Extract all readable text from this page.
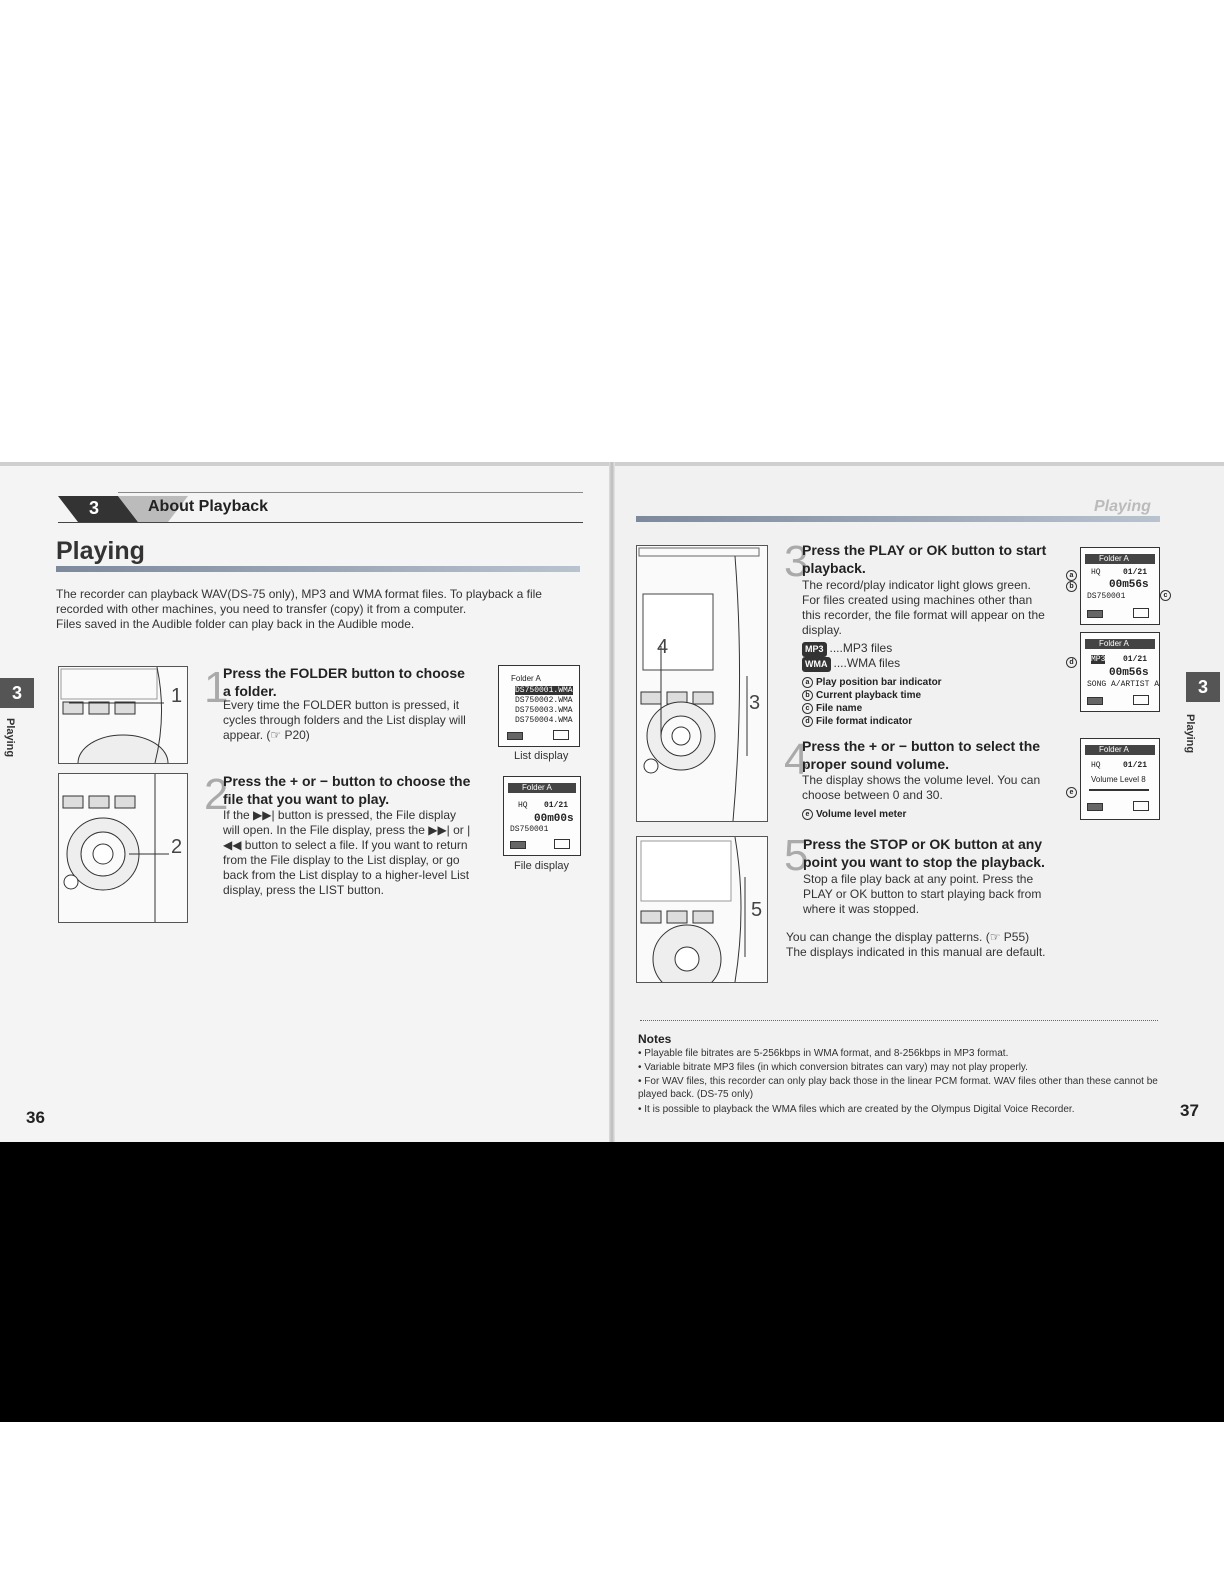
3	About Playback
Playing
The recorder can playback WAV(DS-75 only), MP3 and WMA format files. To playback a file
recorded with other machines, you need to transfer (copy) it from a computer.
Files saved in the Audible folder can play back in the Audible mode.
3
Playing
1
2
1
Press the FOLDER button to choose a folder.
Every time the FOLDER button is pressed, it cycles through folders and the List display will appear. (☞ P20)
2
Press the + or − button to choose the file that you want to play.
If the ▶▶| button is pressed, the File display will open. In the File display, press the ▶▶| or |◀◀ button to select a file. If you want to return from the File display to the List display, or go back from the List display to a higher-level List display, press the LIST button.
Folder A
DS750001.WMA
DS750002.WMA
DS750003.WMA
DS750004.WMA
List display
Folder A
HQ 01/21
00m00s
DS750001
File display
36
Playing
3
Playing
4
3
5
3
Press the PLAY or OK button to start playback.
The record/play indicator light glows green. For files created using machines other than this recorder, the file format will appear on the display.
MP3 ....MP3 files
WMA ....WMA files
a Play position bar indicator
b Current playback time
c File name
d File format indicator
4
Press the + or − button to select the proper sound volume.
The display shows the volume level. You can choose between 0 and 30.
e Volume level meter
5
Press the STOP or OK button at any point you want to stop the playback.
Stop a file play back at any point. Press the PLAY or OK button to start playing back from where it was stopped.
You can change the display patterns. (☞ P55)
The displays indicated in this manual are default.
Folder A
HQ	01/21
00m56s
DS750001
Folder A
MP3 01/21
00m56s
SONG A/ARTIST A
Folder A
HQ	01/21
Volume Level 8
a
b
c
d
e
Notes
• Playable file bitrates are 5-256kbps in WMA format, and 8-256kbps in MP3 format.
• Variable bitrate MP3 files (in which conversion bitrates can vary) may not play properly.
• For WAV files, this recorder can only play back those in the linear PCM format. WAV files other than these cannot be played back. (DS-75 only)
• It is possible to playback the WMA files which are created by the Olympus Digital Voice Recorder.	37
